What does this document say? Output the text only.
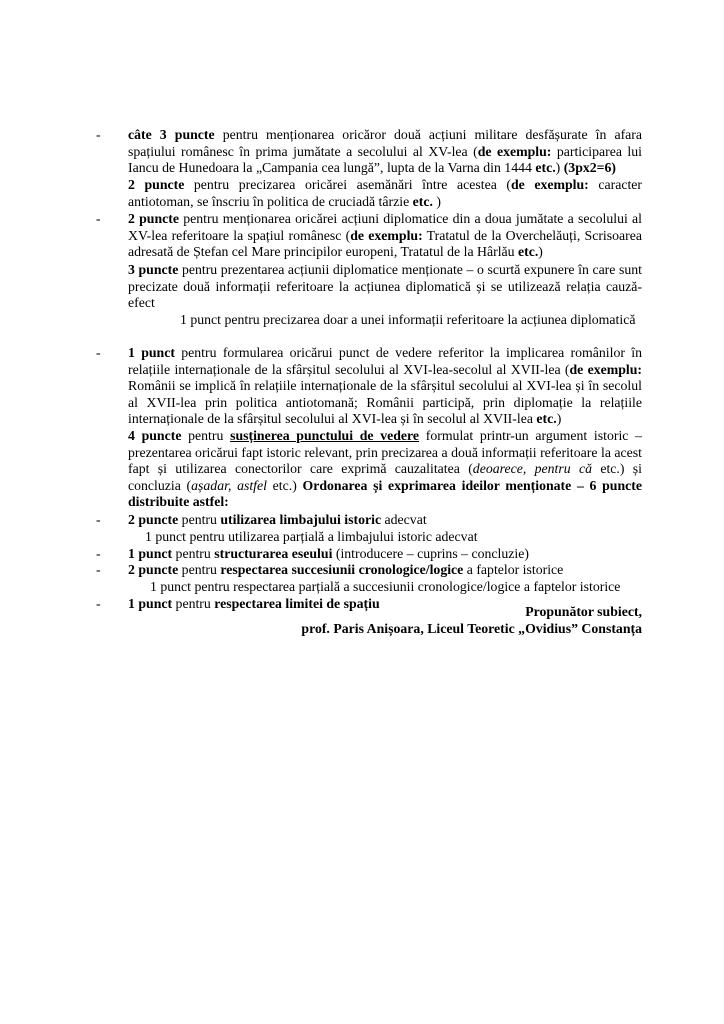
-	câte 3 puncte pentru menționarea oricăror două acțiuni militare desfășurate în afara spațiului românesc în prima jumătate a secolului al XV-lea (de exemplu: participarea lui Iancu de Hunedoara la „Campania cea lungă”, lupta de la Varna din 1444 etc.) (3px2=6)

2 puncte pentru precizarea oricărei asemănări între acestea (de exemplu: caracter antiotoman, se înscriu în politica de cruciadă târzie etc. )

-	2 puncte pentru menționarea oricărei acțiuni diplomatice din a doua jumătate a secolului al XV-lea referitoare la spațiul românesc (de exemplu: Tratatul de la Overchelăuți, Scrisoarea adresată de Ștefan cel Mare principilor europeni, Tratatul de la Hârlău etc.)

3 puncte pentru prezentarea acțiunii diplomatice menționate – o scurtă expunere în care sunt precizate două informații referitoare la acțiunea diplomatică și se utilizează relația cauză-efect

1 punct pentru precizarea doar a unei informații referitoare la acțiunea diplomatică

-	1 punct pentru formularea oricărui punct de vedere referitor la implicarea românilor în relațiile internaționale de la sfârșitul secolului al XVI-lea-secolul al XVII-lea (de exemplu: Românii se implică în relațiile internaționale de la sfârșitul secolului al XVI-lea și în secolul al XVII-lea prin politica antiotomană; Românii participă, prin diplomație la relațiile internaționale de la sfârșitul secolului al XVI-lea și în secolul al XVII-lea etc.)

4 puncte pentru susținerea punctului de vedere formulat printr-un argument istoric – prezentarea oricărui fapt istoric relevant, prin precizarea a două informații referitoare la acest fapt și utilizarea conectorilor care exprimă cauzalitatea (deoarece, pentru că etc.) și concluzia (așadar, astfel etc.) Ordonarea și exprimarea ideilor menționate – 6 puncte distribuite astfel:

-	2 puncte pentru utilizarea limbajului istoric adecvat

1 punct pentru utilizarea parțială a limbajului istoric adecvat

-	1 punct pentru structurarea eseului (introducere – cuprins – concluzie)

-	2 puncte pentru respectarea succesiunii cronologice/logice a faptelor istorice

1 punct pentru respectarea parțială a succesiunii cronologice/logice a faptelor istorice

-	1 punct pentru respectarea limitei de spațiu

Propunător subiect,
prof. Paris Anișoara, Liceul Teoretic „Ovidius” Constanța
